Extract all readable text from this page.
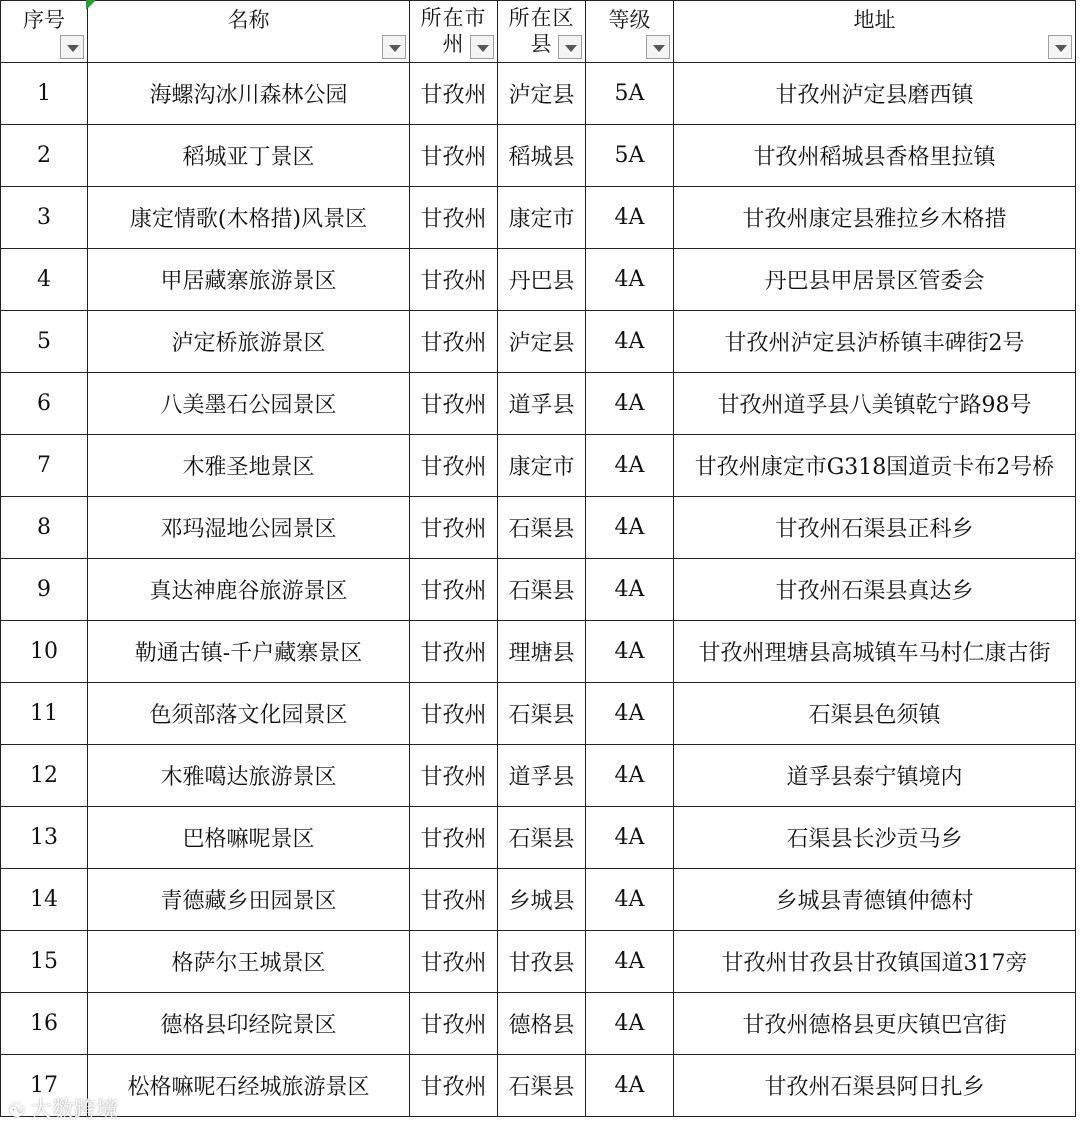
序号	名称	所在市州	所在区县	等级	地址

1	海螺沟冰川森林公园	甘孜州	泸定县	5A	甘孜州泸定县磨西镇
2	稻城亚丁景区	甘孜州	稻城县	5A	甘孜州稻城县香格里拉镇
3	康定情歌(木格措)风景区	甘孜州	康定市	4A	甘孜州康定县雅拉乡木格措
4	甲居藏寨旅游景区	甘孜州	丹巴县	4A	丹巴县甲居景区管委会
5	泸定桥旅游景区	甘孜州	泸定县	4A	甘孜州泸定县泸桥镇丰碑街2号
6	八美墨石公园景区	甘孜州	道孚县	4A	甘孜州道孚县八美镇乾宁路98号
7	木雅圣地景区	甘孜州	康定市	4A	甘孜州康定市G318国道贡卡布2号桥
8	邓玛湿地公园景区	甘孜州	石渠县	4A	甘孜州石渠县正科乡
9	真达神鹿谷旅游景区	甘孜州	石渠县	4A	甘孜州石渠县真达乡
10	勒通古镇-千户藏寨景区	甘孜州	理塘县	4A	甘孜州理塘县高城镇车马村仁康古街
11	色须部落文化园景区	甘孜州	石渠县	4A	石渠县色须镇
12	木雅噶达旅游景区	甘孜州	道孚县	4A	道孚县泰宁镇境内
13	巴格嘛呢景区	甘孜州	石渠县	4A	石渠县长沙贡马乡
14	青德藏乡田园景区	甘孜州	乡城县	4A	乡城县青德镇仲德村
15	格萨尔王城景区	甘孜州	甘孜县	4A	甘孜州甘孜县甘孜镇国道317旁
16	德格县印经院景区	甘孜州	德格县	4A	甘孜州德格县更庆镇巴宫街
17	松格嘛呢石经城旅游景区	甘孜州	石渠县	4A	甘孜州石渠县阿日扎乡
☯ 大数跨境
